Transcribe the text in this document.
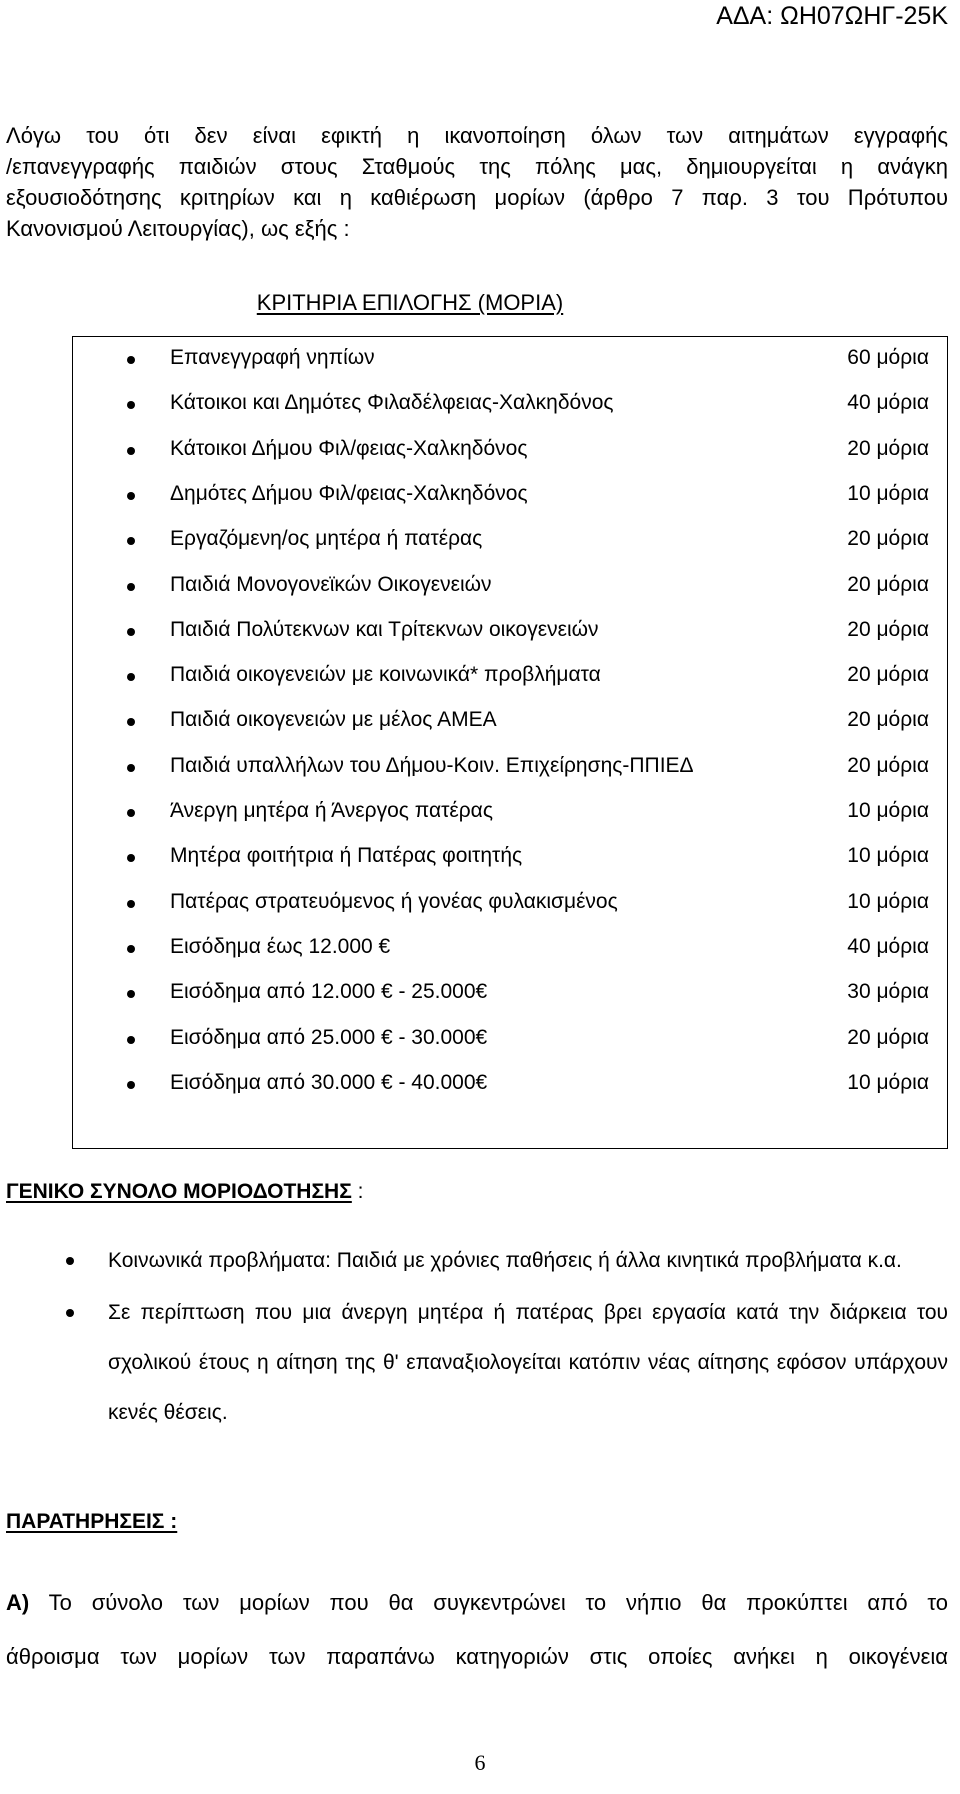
ΑΔΑ: ΩΗ07ΩΗΓ-25Κ
Λόγω του ότι δεν είναι εφικτή η ικανοποίηση όλων των αιτημάτων εγγραφής
/επανεγγραφής παιδιών στους Σταθμούς της πόλης μας, δημιουργείται η ανάγκη
εξουσιοδότησης κριτηρίων και η καθιέρωση μορίων (άρθρο 7 παρ. 3 του Πρότυπου
Κανονισμού Λειτουργίας), ως εξής :
ΚΡΙΤΗΡΙΑ ΕΠΙΛΟΓΗΣ (ΜΟΡΙΑ)
Επανεγγραφή νηπίων	60 μόρια
Κάτοικοι και Δημότες Φιλαδέλφειας-Χαλκηδόνος	40 μόρια
Κάτοικοι Δήμου Φιλ/φειας-Χαλκηδόνος	20 μόρια
Δημότες Δήμου Φιλ/φειας-Χαλκηδόνος	10 μόρια
Εργαζόμενη/ος μητέρα ή πατέρας	20 μόρια
Παιδιά Μονογονεϊκών Οικογενειών	20 μόρια
Παιδιά Πολύτεκνων και Τρίτεκνων οικογενειών	20 μόρια
Παιδιά οικογενειών με κοινωνικά* προβλήματα	20 μόρια
Παιδιά οικογενειών με μέλος ΑΜΕΑ	20 μόρια
Παιδιά υπαλλήλων του Δήμου-Κοιν. Επιχείρησης-ΠΠΙΕΔ	20 μόρια
Άνεργη μητέρα ή Άνεργος πατέρας	10 μόρια
Μητέρα φοιτήτρια ή Πατέρας φοιτητής	10 μόρια
Πατέρας στρατευόμενος ή γονέας φυλακισμένος	10 μόρια
Εισόδημα έως 12.000 €	40 μόρια
Εισόδημα από 12.000 € - 25.000€	30 μόρια
Εισόδημα από 25.000 € - 30.000€	20 μόρια
Εισόδημα από 30.000 € - 40.000€	10 μόρια
ΓΕΝΙΚΟ ΣΥΝΟΛΟ ΜΟΡΙΟΔΟΤΗΣΗΣ :
Κοινωνικά προβλήματα: Παιδιά με χρόνιες παθήσεις ή άλλα κινητικά προβλήματα κ.α.
Σε περίπτωση που μια άνεργη μητέρα ή πατέρας βρει εργασία κατά την διάρκεια του σχολικού έτους η αίτηση της θ' επαναξιολογείται κατόπιν νέας αίτησης εφόσον υπάρχουν κενές θέσεις.
ΠΑΡΑΤΗΡΗΣΕΙΣ :
Α) Το σύνολο των μορίων που θα συγκεντρώνει το νήπιο θα προκύπτει από το
άθροισμα των μορίων των παραπάνω κατηγοριών στις οποίες ανήκει η οικογένεια
6
